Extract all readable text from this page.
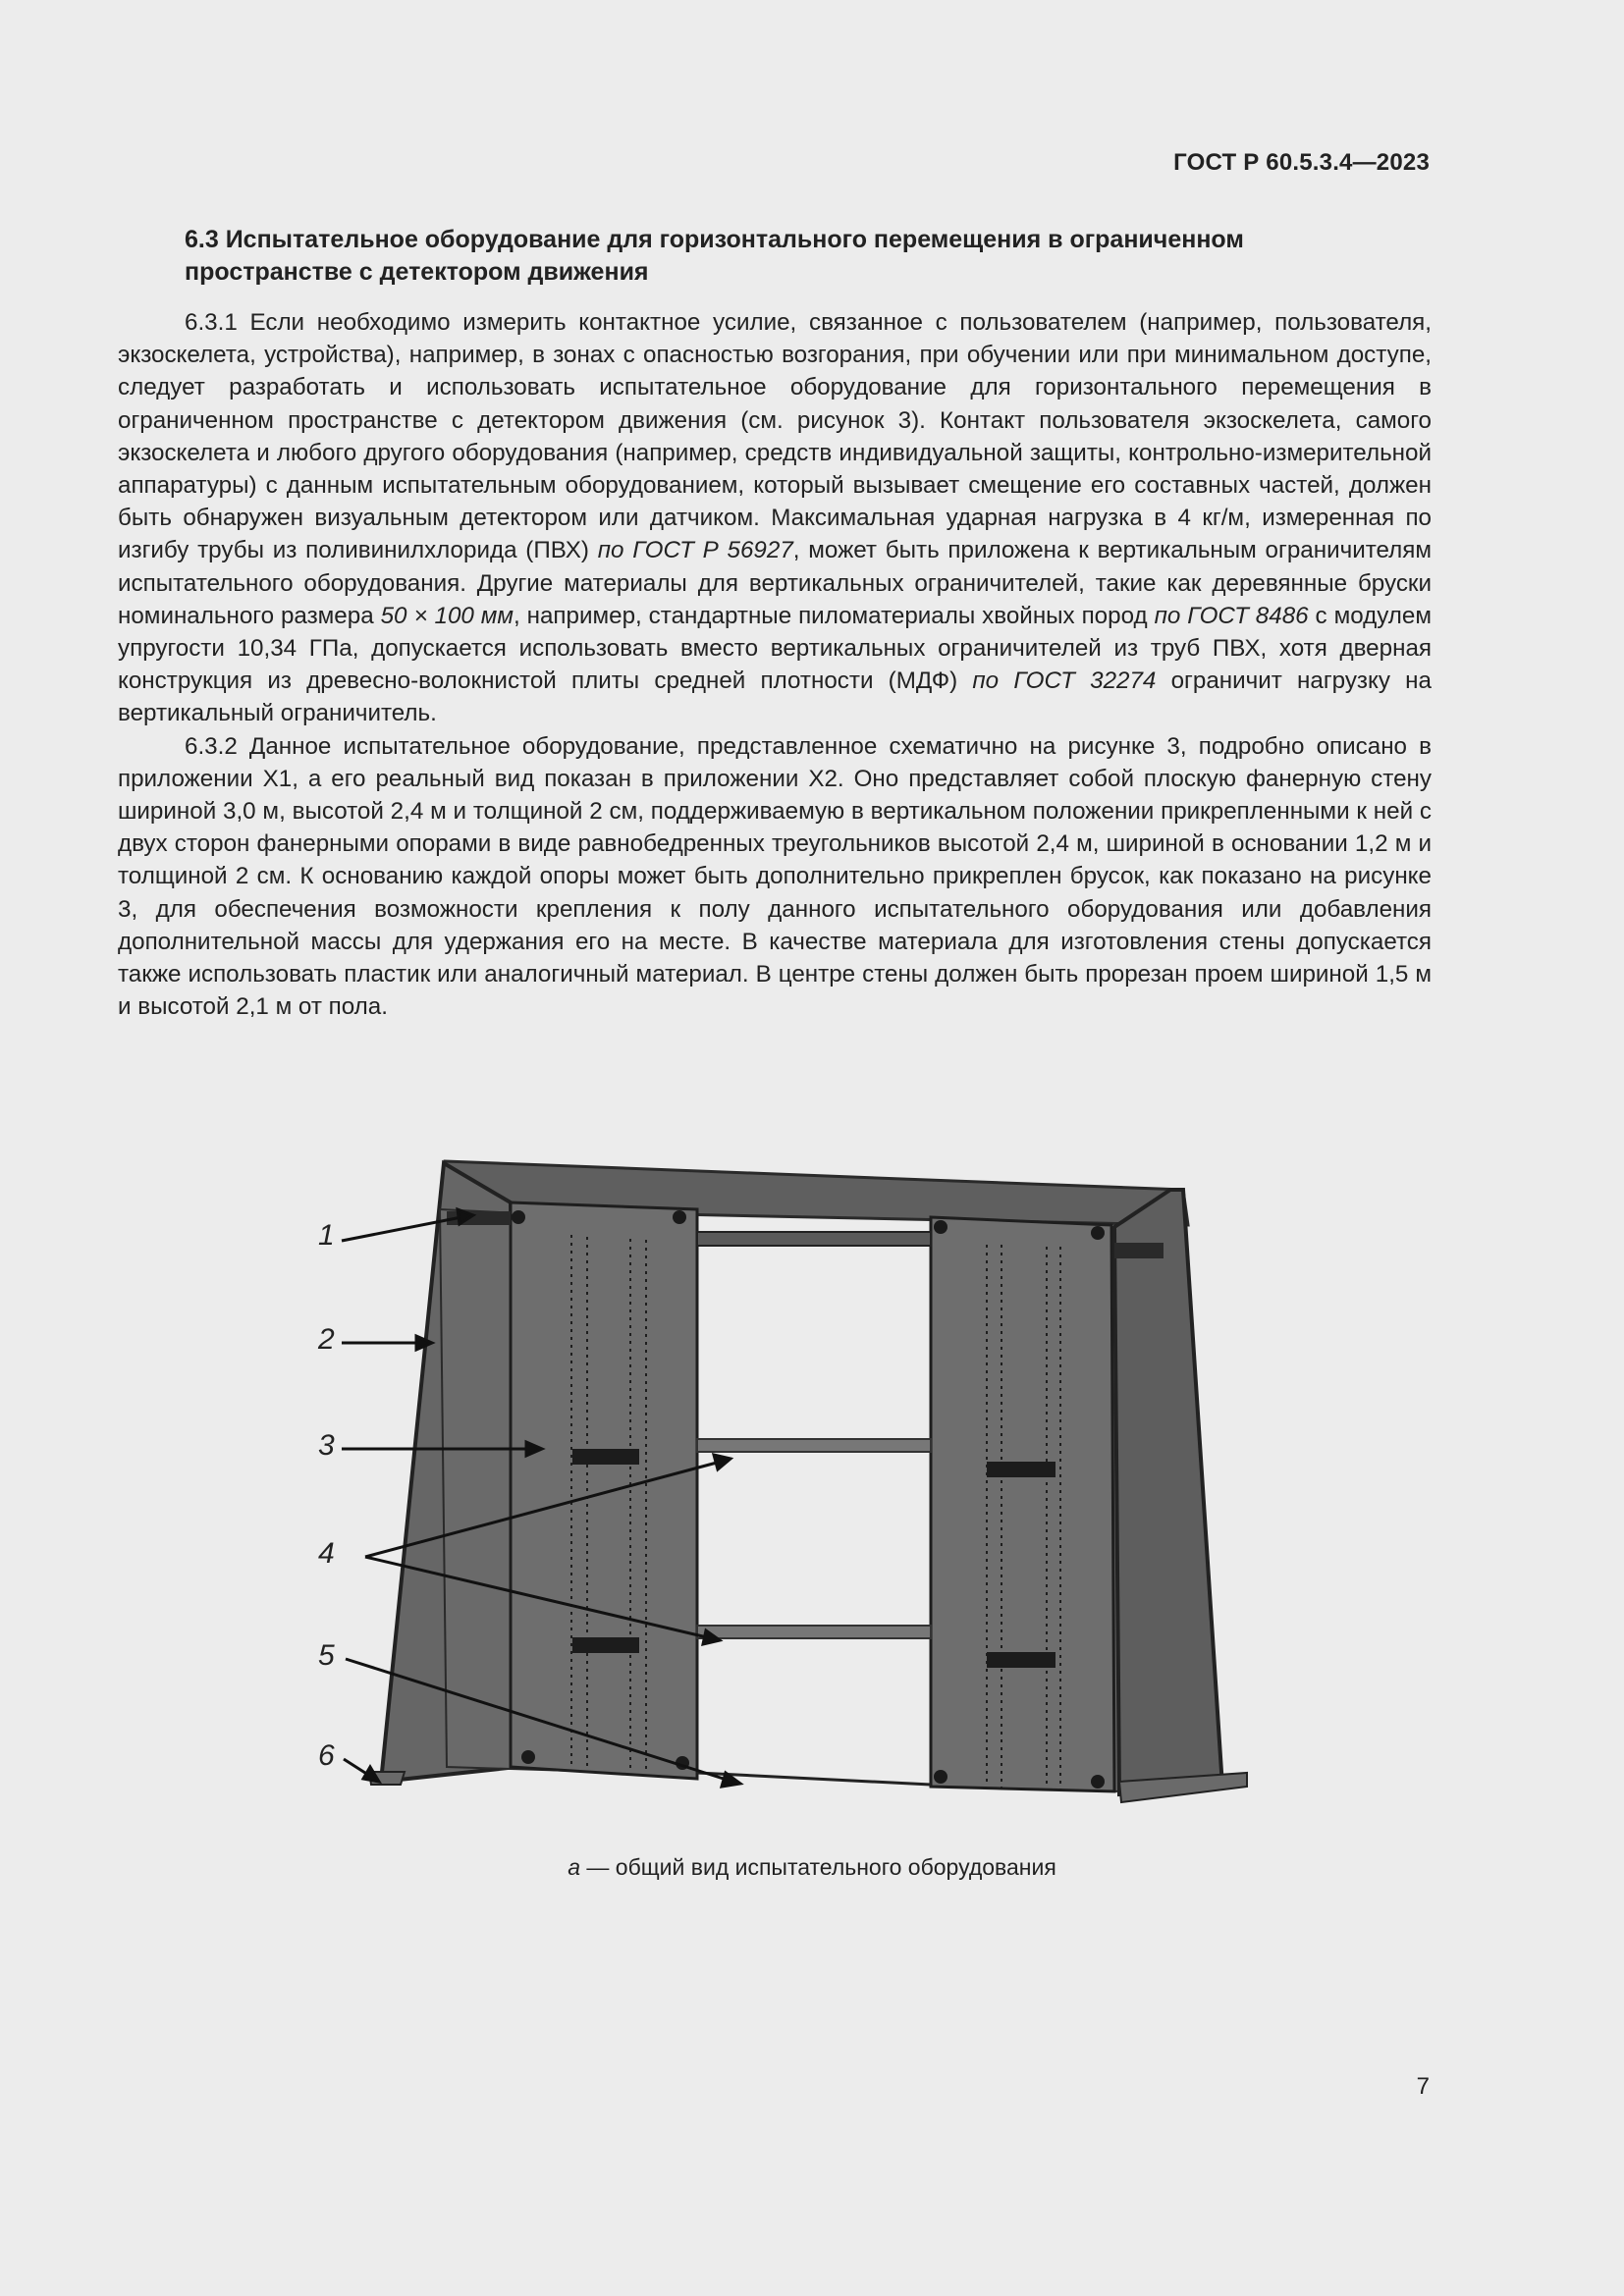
ГОСТ Р 60.5.3.4—2023
6.3 Испытательное оборудование для горизонтального перемещения в ограниченном
пространстве с детектором движения

6.3.1 Если необходимо измерить контактное усилие, связанное с пользователем (например, пользователя, экзоскелета, устройства), например, в зонах с опасностью возгорания, при обучении или при минимальном доступе, следует разработать и использовать испытательное оборудование для горизонтального перемещения в ограниченном пространстве с детектором движения (см. рисунок 3). Контакт пользователя экзоскелета, самого экзоскелета и любого другого оборудования (например, средств индивидуальной защиты, контрольно-измерительной аппаратуры) с данным испытательным оборудованием, который вызывает смещение его составных частей, должен быть обнаружен визуальным детектором или датчиком. Максимальная ударная нагрузка в 4 кг/м, измеренная по изгибу трубы из поливинилхлорида (ПВХ) по ГОСТ Р 56927, может быть приложена к вертикальным ограничителям испытательного оборудования. Другие материалы для вертикальных ограничителей, такие как деревянные бруски номинального размера 50 × 100 мм, например, стандартные пиломатериалы хвойных пород по ГОСТ 8486 с модулем упругости 10,34 ГПа, допускается использовать вместо вертикальных ограничителей из труб ПВХ, хотя дверная конструкция из древесно-волокнистой плиты средней плотности (МДФ) по ГОСТ 32274 ограничит нагрузку на вертикальный ограничитель.

6.3.2 Данное испытательное оборудование, представленное схематично на рисунке 3, подробно описано в приложении Х1, а его реальный вид показан в приложении Х2. Оно представляет собой плоскую фанерную стену шириной 3,0 м, высотой 2,4 м и толщиной 2 см, поддерживаемую в вертикальном положении прикрепленными к ней с двух сторон фанерными опорами в виде равнобедренных треугольников высотой 2,4 м, шириной в основании 1,2 м и толщиной 2 см. К основанию каждой опоры может быть дополнительно прикреплен брусок, как показано на рисунке 3, для обеспечения возможности крепления к полу данного испытательного оборудования или добавления дополнительной массы для удержания его на месте. В качестве материала для изготовления стены допускается также использовать пластик или аналогичный материал. В центре стены должен быть прорезан проем шириной 1,5 м и высотой 2,1 м от пола.

1
2
3
4
5
6
а — общий вид испытательного оборудования
7
